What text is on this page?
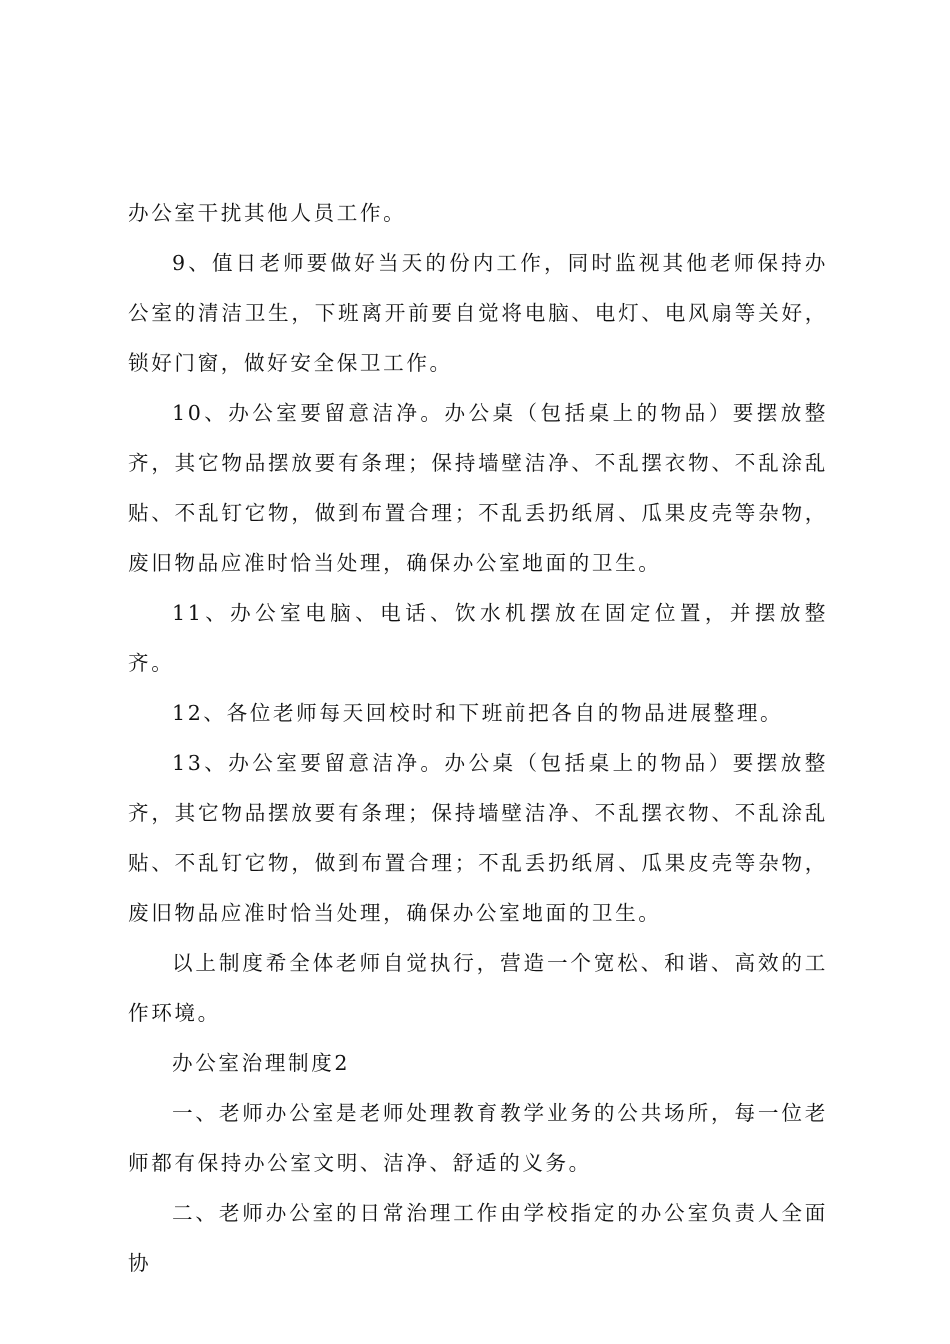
办公室干扰其他人员工作。

9、值日老师要做好当天的份内工作，同时监视其他老师保持办公室的清洁卫生，下班离开前要自觉将电脑、电灯、电风扇等关好，锁好门窗，做好安全保卫工作。

10、办公室要留意洁净。办公桌（包括桌上的物品）要摆放整齐，其它物品摆放要有条理；保持墙壁洁净、不乱摆衣物、不乱涂乱贴、不乱钉它物，做到布置合理；不乱丢扔纸屑、瓜果皮壳等杂物，废旧物品应准时恰当处理，确保办公室地面的卫生。

11、办公室电脑、电话、饮水机摆放在固定位置，并摆放整齐。

12、各位老师每天回校时和下班前把各自的物品进展整理。

13、办公室要留意洁净。办公桌（包括桌上的物品）要摆放整齐，其它物品摆放要有条理；保持墙壁洁净、不乱摆衣物、不乱涂乱贴、不乱钉它物，做到布置合理；不乱丢扔纸屑、瓜果皮壳等杂物，废旧物品应准时恰当处理，确保办公室地面的卫生。

以上制度希全体老师自觉执行，营造一个宽松、和谐、高效的工作环境。

办公室治理制度2

一、老师办公室是老师处理教育教学业务的公共场所，每一位老师都有保持办公室文明、洁净、舒适的义务。

二、老师办公室的日常治理工作由学校指定的办公室负责人全面协
